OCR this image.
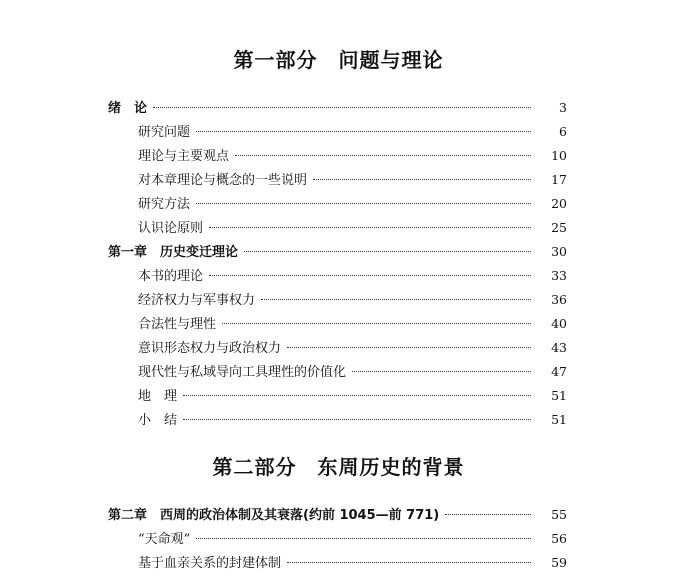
第一部分　问题与理论
绪　论	3
研究问题	6
理论与主要观点	10
对本章理论与概念的一些说明	17
研究方法	20
认识论原则	25
第一章　历史变迁理论	30
本书的理论	33
经济权力与军事权力	36
合法性与理性	40
意识形态权力与政治权力	43
现代性与私域导向工具理性的价值化	47
地　理	51
小　结	51
第二部分　东周历史的背景
第二章　西周的政治体制及其衰落(约前 1045—前 771)	55
“天命观”	56
基于血亲关系的封建体制	59
